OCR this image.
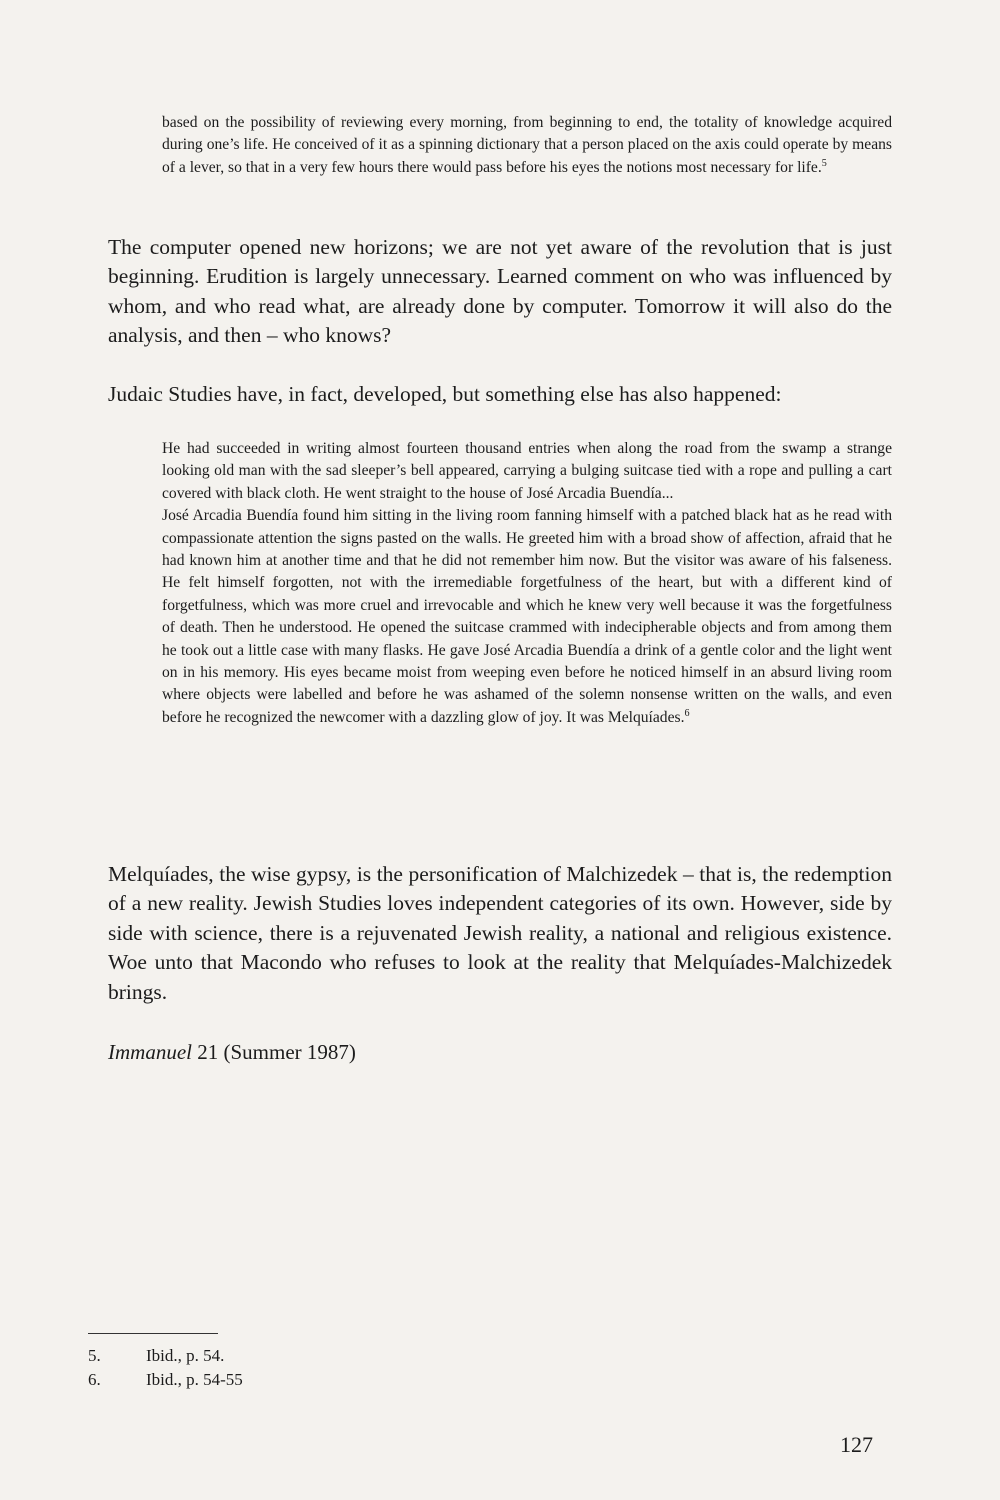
based on the possibility of reviewing every morning, from beginning to end, the totality of knowledge acquired during one’s life. He conceived of it as a spinning dictionary that a person placed on the axis could operate by means of a lever, so that in a very few hours there would pass before his eyes the notions most necessary for life.$^5$

The computer opened new horizons; we are not yet aware of the revolution that is just beginning. Erudition is largely unnecessary. Learned comment on who was influenced by whom, and who read what, are already done by computer. Tomorrow it will also do the analysis, and then – who knows?

Judaic Studies have, in fact, developed, but something else has also happened:

He had succeeded in writing almost fourteen thousand entries when along the road from the swamp a strange looking old man with the sad sleeper’s bell appeared, carrying a bulging suitcase tied with a rope and pulling a cart covered with black cloth. He went straight to the house of José Arcadia Buendía...

José Arcadia Buendía found him sitting in the living room fanning himself with a patched black hat as he read with compassionate attention the signs pasted on the walls. He greeted him with a broad show of affection, afraid that he had known him at another time and that he did not remember him now. But the visitor was aware of his falseness. He felt himself forgotten, not with the irremediable forgetfulness of the heart, but with a different kind of forgetfulness, which was more cruel and irrevocable and which he knew very well because it was the forgetfulness of death. Then he understood. He opened the suitcase crammed with indecipherable objects and from among them he took out a little case with many flasks. He gave José Arcadia Buendía a drink of a gentle color and the light went on in his memory. His eyes became moist from weeping even before he noticed himself in an absurd living room where objects were labelled and before he was ashamed of the solemn nonsense written on the walls, and even before he recognized the newcomer with a dazzling glow of joy. It was Melquíades.$^6$

Melquíades, the wise gypsy, is the personification of Malchizedek – that is, the redemption of a new reality. Jewish Studies loves independent categories of its own. However, side by side with science, there is a rejuvenated Jewish reality, a national and religious existence. Woe unto that Macondo who refuses to look at the reality that Melquíades-Malchizedek brings.

Immanuel 21 (Summer 1987)
5.	Ibid., p. 54.
6.	Ibid., p. 54-55
127
